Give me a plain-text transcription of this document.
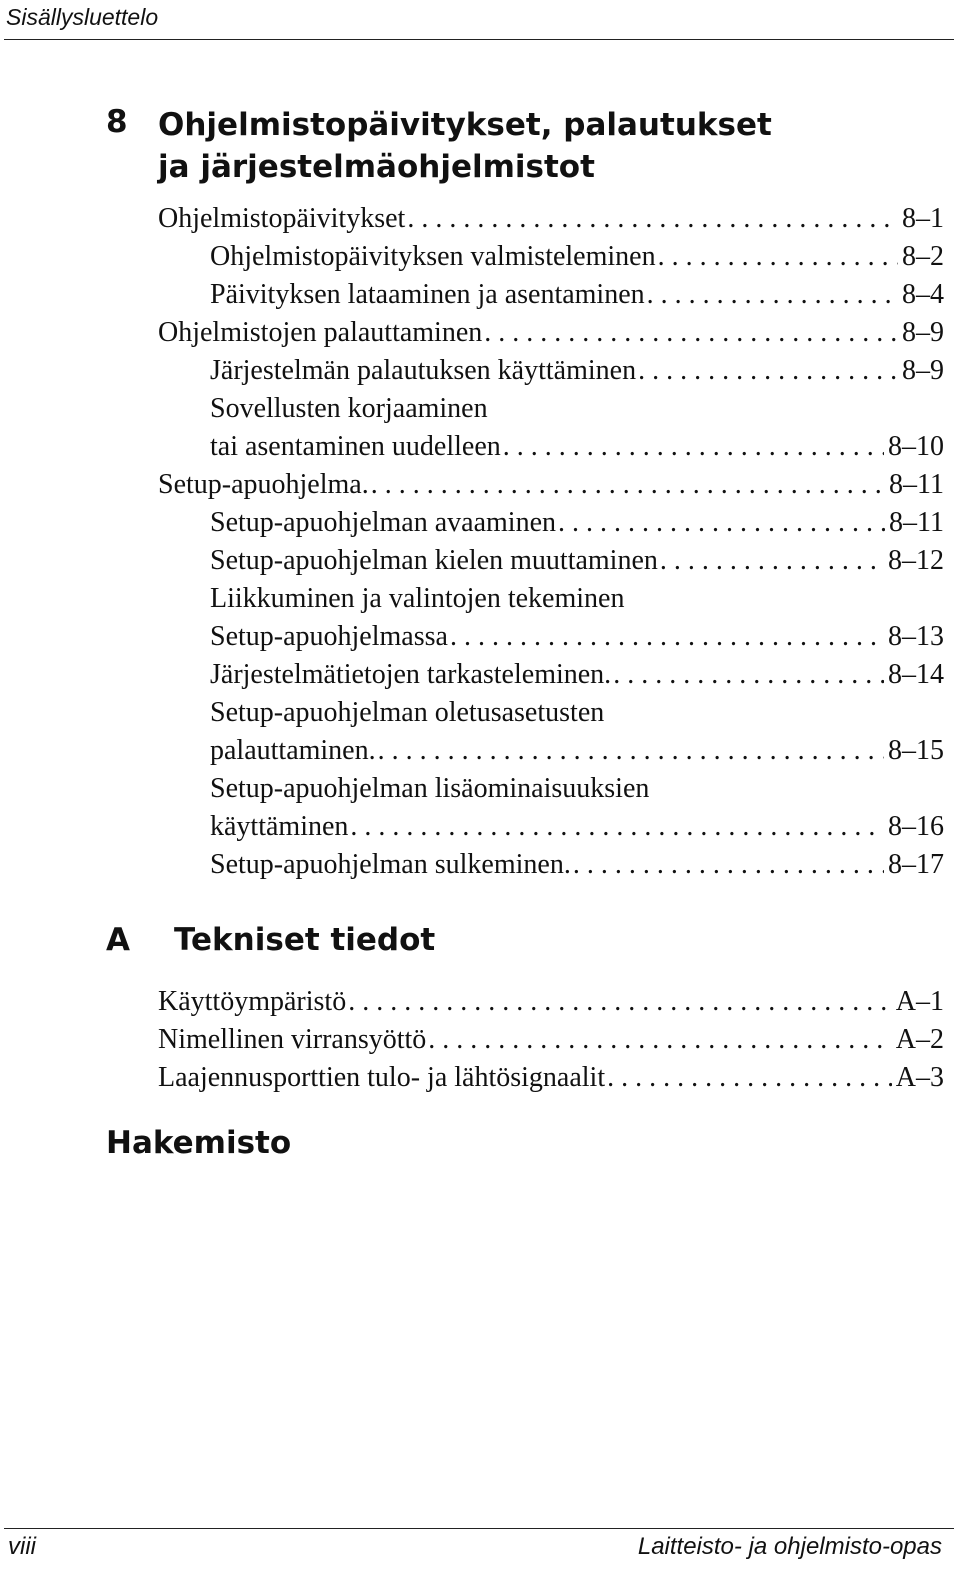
Sisällysluettelo
8 Ohjelmistopäivitykset, palautukset
ja järjestelmäohjelmistot
Ohjelmistopäivitykset . . .	8–1
Ohjelmistopäivityksen valmisteleminen . . .	8–2
Päivityksen lataaminen ja asentaminen . . .	8–4
Ohjelmistojen palauttaminen . . .	8–9
Järjestelmän palautuksen käyttäminen . . .	8–9
Sovellusten korjaaminen
tai asentaminen uudelleen . . .	8–10
Setup-apuohjelma. . . .	8–11
Setup-apuohjelman avaaminen . . .	8–11
Setup-apuohjelman kielen muuttaminen . . .	8–12
Liikkuminen ja valintojen tekeminen
Setup-apuohjelmassa . . .	8–13
Järjestelmätietojen tarkasteleminen. . . .	8–14
Setup-apuohjelman oletusasetusten
palauttaminen. . . .	8–15
Setup-apuohjelman lisäominaisuuksien
käyttäminen . . .	8–16
Setup-apuohjelman sulkeminen. . . .	8–17
A Tekniset tiedot
Käyttöympäristö . . .	A–1
Nimellinen virransyöttö . . .	A–2
Laajennusporttien tulo- ja lähtösignaalit . . .	A–3
Hakemisto
viii	Laitteisto- ja ohjelmisto-opas
